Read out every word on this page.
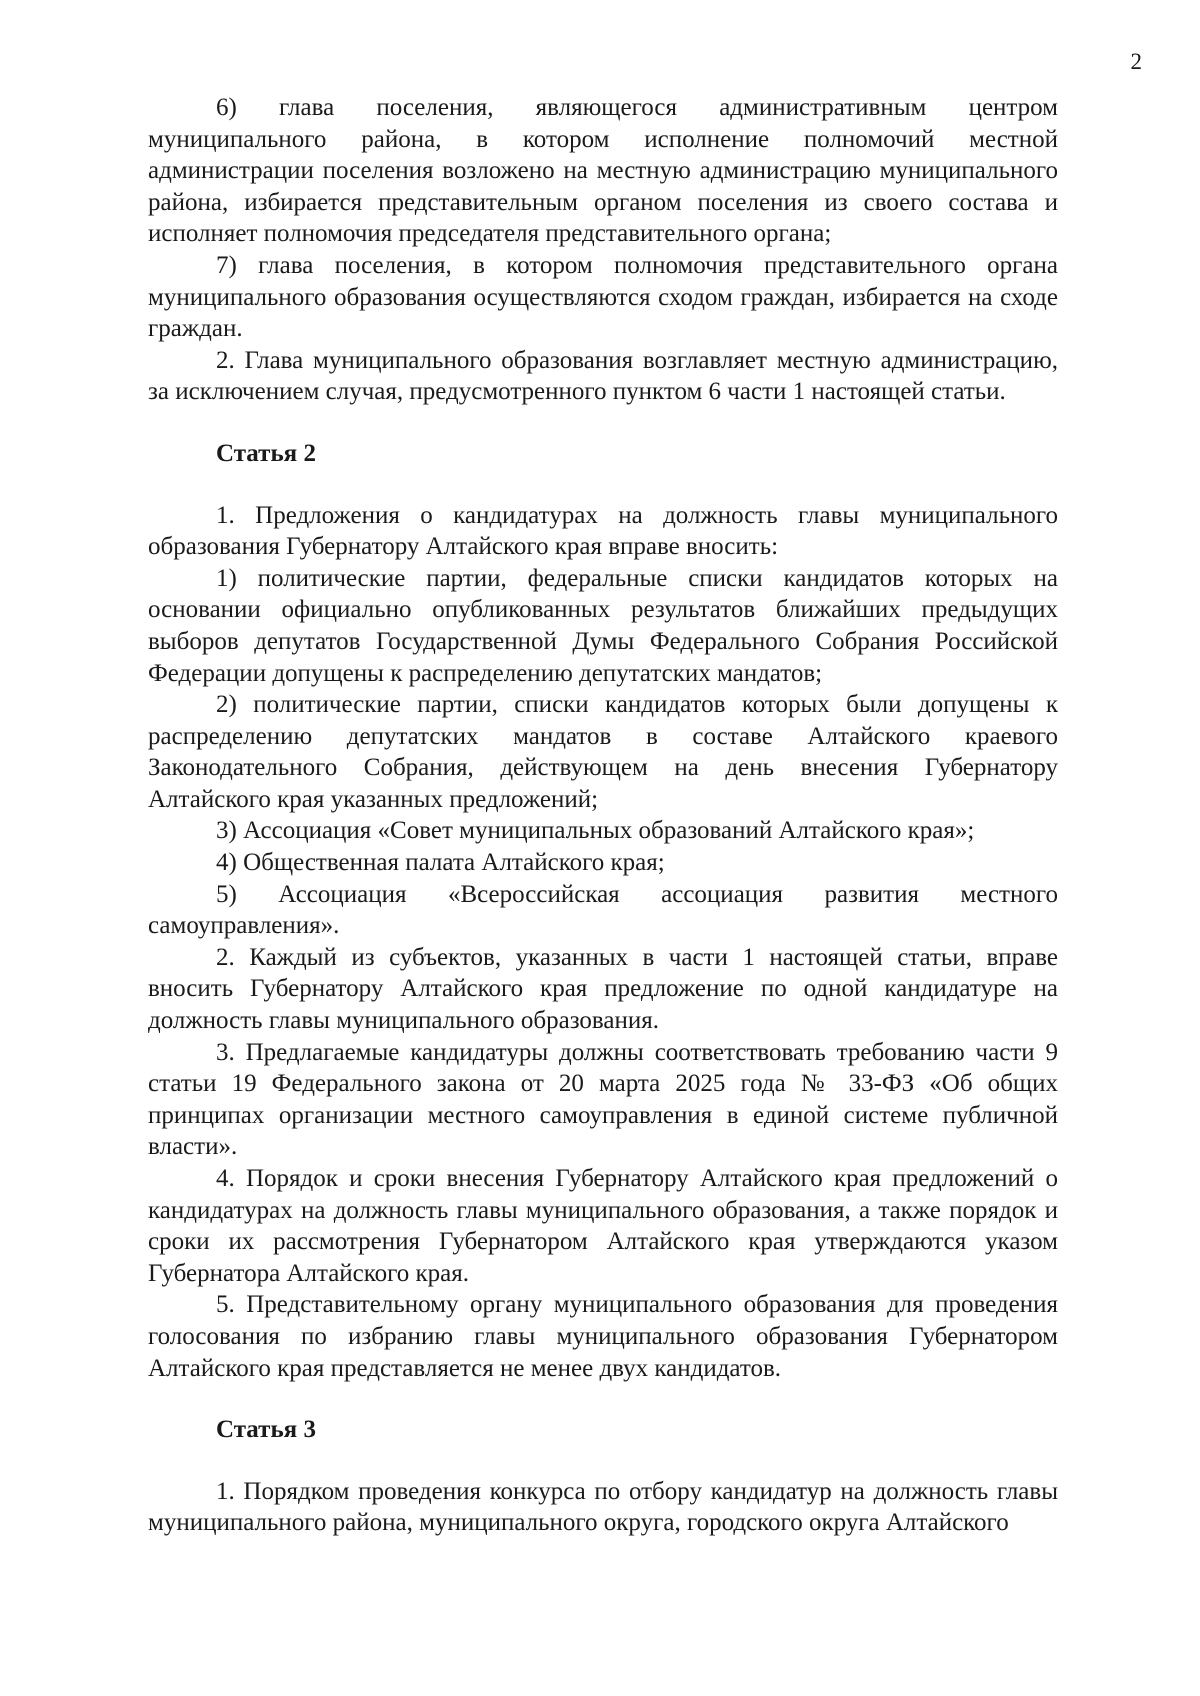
2

6) глава поселения, являющегося административным центром муниципального района, в котором исполнение полномочий местной администрации поселения возложено на местную администрацию муниципального района, избирается представительным органом поселения из своего состава и исполняет полномочия председателя представительного органа;

7) глава поселения, в котором полномочия представительного органа муниципального образования осуществляются сходом граждан, избирается на сходе граждан.

2. Глава муниципального образования возглавляет местную администрацию, за исключением случая, предусмотренного пунктом 6 части 1 настоящей статьи.

Статья 2

1. Предложения о кандидатурах на должность главы муниципального образования Губернатору Алтайского края вправе вносить:

1) политические партии, федеральные списки кандидатов которых на основании официально опубликованных результатов ближайших предыдущих выборов депутатов Государственной Думы Федерального Собрания Российской Федерации допущены к распределению депутатских мандатов;

2) политические партии, списки кандидатов которых были допущены к распределению депутатских мандатов в составе Алтайского краевого Законодательного Собрания, действующем на день внесения Губернатору Алтайского края указанных предложений;

3) Ассоциация «Совет муниципальных образований Алтайского края»;

4) Общественная палата Алтайского края;

5) Ассоциация «Всероссийская ассоциация развития местного самоуправления».

2. Каждый из субъектов, указанных в части 1 настоящей статьи, вправе вносить Губернатору Алтайского края предложение по одной кандидатуре на должность главы муниципального образования.

3. Предлагаемые кандидатуры должны соответствовать требованию части 9 статьи 19 Федерального закона от 20 марта 2025 года № 33-ФЗ «Об общих принципах организации местного самоуправления в единой системе публичной власти».

4. Порядок и сроки внесения Губернатору Алтайского края предложений о кандидатурах на должность главы муниципального образования, а также порядок и сроки их рассмотрения Губернатором Алтайского края утверждаются указом Губернатора Алтайского края.

5. Представительному органу муниципального образования для проведения голосования по избранию главы муниципального образования Губернатором Алтайского края представляется не менее двух кандидатов.

Статья 3

1. Порядком проведения конкурса по отбору кандидатур на должность главы муниципального района, муниципального округа, городского округа Алтайского
